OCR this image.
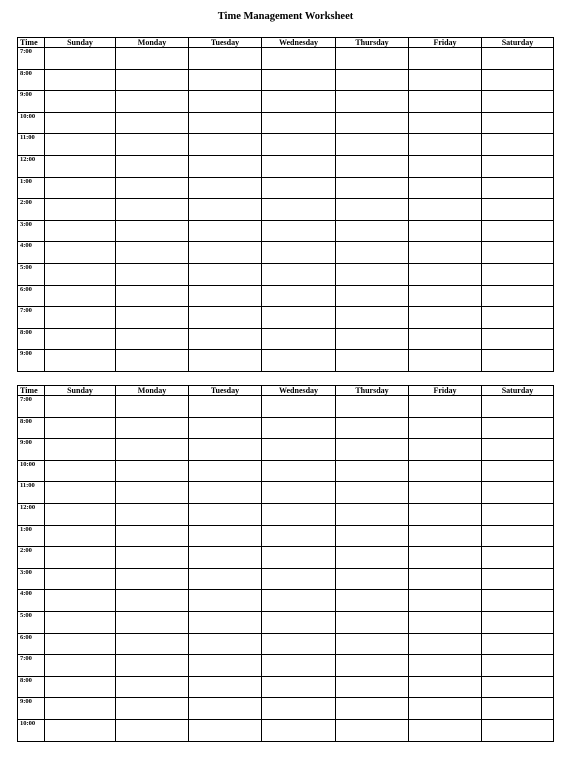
Time Management Worksheet
Time	Sunday	Monday	Tuesday	Wednesday	Thursday	Friday	Saturday
7:00							
8:00							
9:00							
10:00							
11:00							
12:00							
1:00							
2:00							
3:00							
4:00							
5:00							
6:00							
7:00							
8:00							
9:00							
Time	Sunday	Monday	Tuesday	Wednesday	Thursday	Friday	Saturday
7:00							
8:00							
9:00							
10:00							
11:00							
12:00							
1:00							
2:00							
3:00							
4:00							
5:00							
6:00							
7:00							
8:00							
9:00							
10:00							
